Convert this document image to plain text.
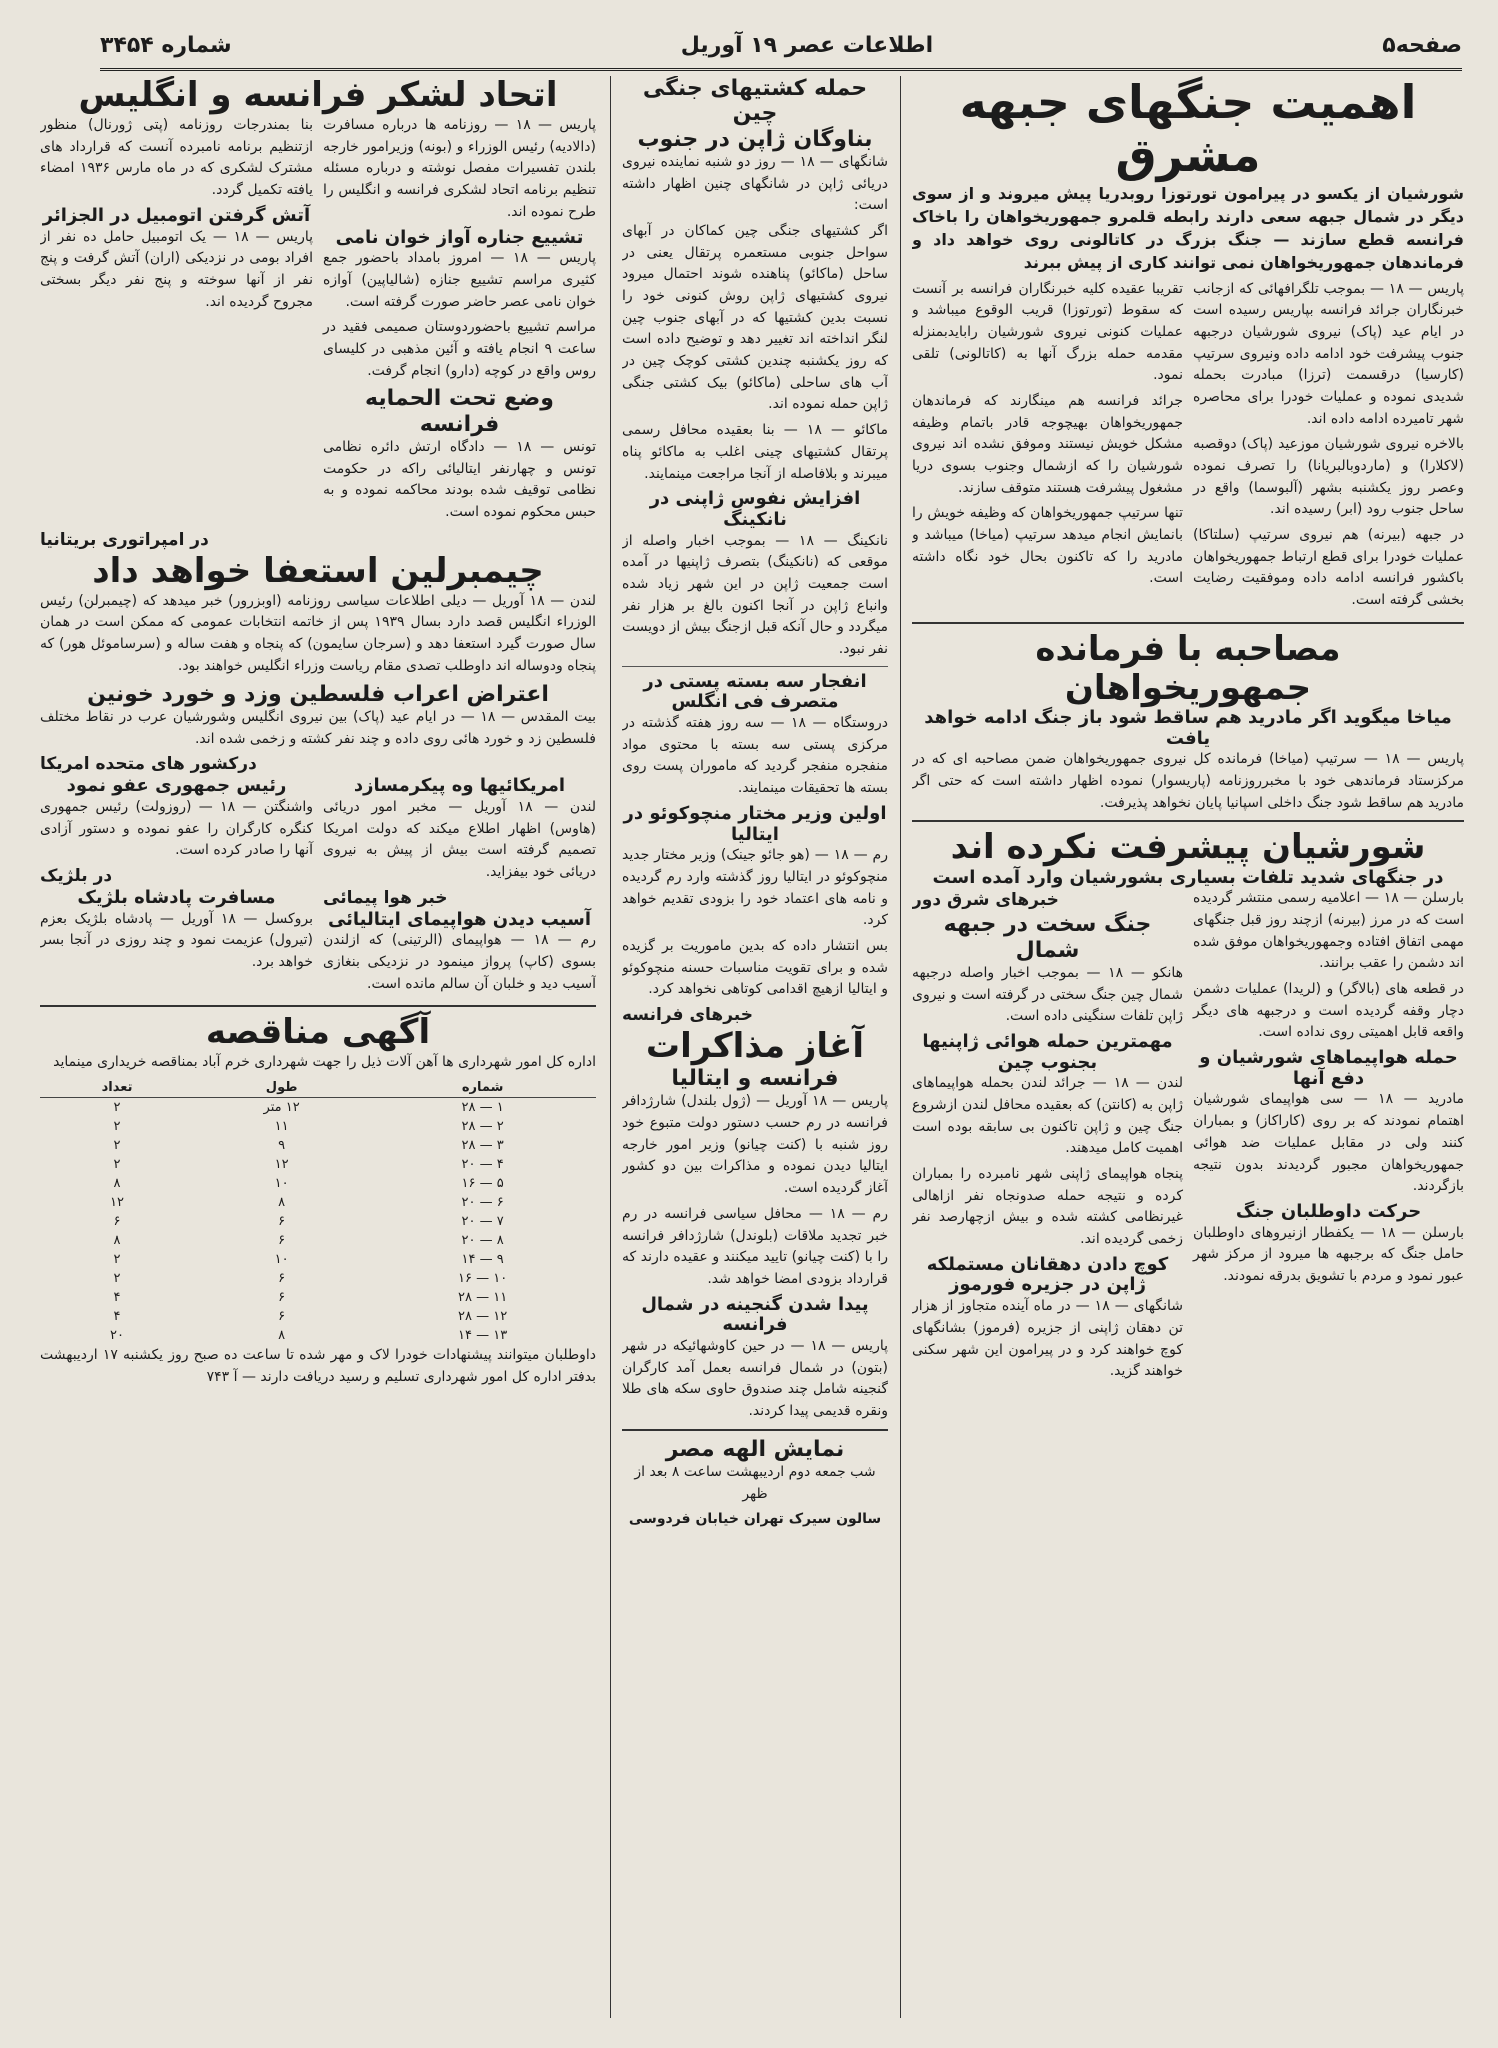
صفحه۵
اطلاعات عصر ۱۹ آوریل
شماره ۳۴۵۴
اهمیت جنگهای جبهه مشرق

شورشیان از یکسو در پیرامون تورتوزا روبدریا پیش میروند و از سوی دیگر در شمال جبهه سعی دارند رابطه قلمرو جمهوریخواهان را باخاک فرانسه قطع سازند — جنگ بزرگ در کاتالونی روی خواهد داد و فرماندهان جمهوریخواهان نمی توانند کاری از پیش ببرند

پاریس — ۱۸ — بموجب تلگرافهائی که ازجانب خبرنگاران جرائد فرانسه بپاریس رسیده است در ایام عید (پاک) نیروی شورشیان درجبهه جنوب پیشرفت خود ادامه داده ونیروی سرتیپ (کارسیا) درقسمت (ترزا) مبادرت بحمله شدیدی نموده و عملیات خودرا برای محاصره شهر تامیرده ادامه داده اند.

بالاخره نیروی شورشیان موزعید (پاک) دوقصبه (لاکلارا) و (ماردوبالبریانا) را تصرف نموده وعصر روز یکشنبه بشهر (آلبوسما) واقع در ساحل جنوب رود (ابر) رسیده اند.

در جبهه (بیرنه) هم نیروی سرتیپ (سلتاکا) عملیات خودرا برای قطع ارتباط جمهوریخواهان باکشور فرانسه ادامه داده وموفقیت رضایت بخشی گرفته است.

تقریبا عقیده کلیه خبرنگاران فرانسه بر آنست که سقوط (تورتوزا) قریب الوقوع میباشد و عملیات کنونی نیروی شورشیان رابایدبمنزله مقدمه حمله بزرگ آنها به (کاتالونی) تلقی نمود.

جرائد فرانسه هم مینگارند که فرماندهان جمهوریخواهان بهیچوجه قادر باتمام وظیفه مشکل خویش نیستند وموفق نشده اند نیروی شورشیان را که ازشمال وجنوب بسوی دریا مشغول پیشرفت هستند متوقف سازند.

تنها سرتیپ جمهوریخواهان که وظیفه خویش را بانمایش انجام میدهد سرتیپ (میاخا) میباشد و مادرید را که تاکنون بحال خود نگاه داشته است.

مصاحبه با فرمانده جمهوریخواهان
میاخا میگوید اگر مادرید هم ساقط شود باز جنگ ادامه خواهد یافت

پاریس — ۱۸ — سرتیپ (میاخا) فرمانده کل نیروی جمهوریخواهان ضمن مصاحبه ای که در مرکزستاد فرماندهی خود با مخبرروزنامه (پاریسوار) نموده اظهار داشته است که حتی اگر مادرید هم ساقط شود جنگ داخلی اسپانیا پایان نخواهد پذیرفت.

شورشیان پیشرفت نکرده اند
در جنگهای شدید تلفات بسیاری بشورشیان وارد آمده است

بارسلن — ۱۸ — اعلامیه رسمی منتشر گردیده است که در مرز (بیرنه) ازچند روز قبل جنگهای مهمی اتفاق افتاده وجمهوریخواهان موفق شده اند دشمن را عقب برانند.

در قطعه های (بالاگر) و (لریدا) عملیات دشمن دچار وقفه گردیده است و درجبهه های دیگر واقعه قابل اهمیتی روی نداده است.

حمله هواپیماهای شورشیان و دفع آنها

مادرید — ۱۸ — سی هواپیمای شورشیان اهتمام نمودند که بر روی (کاراکاز) و بمباران کنند ولی در مقابل عملیات ضد هوائی جمهوریخواهان مجبور گردیدند بدون نتیجه بازگردند.

حرکت داوطلبان جنگ

بارسلن — ۱۸ — یکفطار ازنیروهای داوطلبان حامل جنگ که برجبهه ها میرود از مرکز شهر عبور نمود و مردم با تشویق بدرقه نمودند.

خبرهای شرق دور
جنگ سخت در جبهه شمال

هانکو — ۱۸ — بموجب اخبار واصله درجبهه شمال چین جنگ سختی در گرفته است و نیروی ژاپن تلفات سنگینی داده است.

مهمترین حمله هوائی ژاپنیها بجنوب چین

لندن — ۱۸ — جرائد لندن بحمله هواپیماهای ژاپن به (کانتن) که بعقیده محافل لندن ازشروع جنگ چین و ژاپن تاکنون بی سابقه بوده است اهمیت کامل میدهند.

پنجاه هواپیمای ژاپنی شهر نامبرده را بمباران کرده و نتیجه حمله صدونجاه نفر ازاهالی غیرنظامی کشته شده و بیش ازچهارصد نفر زخمی گردیده اند.

کوچ دادن دهقانان مستملکه ژاپن در جزیره فورموز

شانگهای — ۱۸ — در ماه آینده متجاوز از هزار تن دهقان ژاپنی از جزیره (فرموز) بشانگهای کوچ خواهند کرد و در پیرامون این شهر سکنی خواهند گزید.

حمله کشتیهای جنگی چین
بناوگان ژاپن در جنوب

شانگهای — ۱۸ — روز دو شنبه نماینده نیروی دریائی ژاپن در شانگهای چنین اظهار داشته است:

اگر کشتیهای جنگی چین کماکان در آبهای سواحل جنوبی مستعمره پرتقال یعنی در ساحل (ماکائو) پناهنده شوند احتمال میرود نیروی کشتیهای ژاپن روش کنونی خود را نسبت بدین کشتیها که در آبهای جنوب چین لنگر انداخته اند تغییر دهد و توضیح داده است که روز یکشنبه چندین کشتی کوچک چین در آب های ساحلی (ماکائو) بیک کشتی جنگی ژاپن حمله نموده اند.

ماکائو — ۱۸ — بنا بعقیده محافل رسمی پرتقال کشتیهای چینی اغلب به ماکائو پناه میبرند و بلافاصله از آنجا مراجعت مینمایند.

افزایش نفوس ژاپنی در نانکینگ

نانکینگ — ۱۸ — بموجب اخبار واصله از موقعی که (نانکینگ) بتصرف ژاپنیها در آمده است جمعیت ژاپن در این شهر زیاد شده وانباع ژاپن در آنجا اکنون بالغ بر هزار نفر میگردد و حال آنکه قبل ازجنگ بیش از دویست نفر نبود.

انفجار سه بسته پستی در متصرف فی انگلس

دروستگاه — ۱۸ — سه روز هفته گذشته در مرکزی پستی سه بسته با محتوی مواد منفجره منفجر گردید که ماموران پست روی بسته ها تحقیقات مینمایند.

اولین وزیر مختار منچوکوئو در ایتالیا

رم — ۱۸ — (هو جائو جینک) وزیر مختار جدید منچوکوئو در ایتالیا روز گذشته وارد رم گردیده و نامه های اعتماد خود را بزودی تقدیم خواهد کرد.

بس انتشار داده که بدین ماموریت بر گزیده شده و برای تقویت مناسبات حسنه منچوکوئو و ایتالیا ازهیچ اقدامی کوتاهی نخواهد کرد.

خبرهای فرانسه
آغاز مذاکرات
فرانسه و ایتالیا

پاریس — ۱۸ آوریل — (ژول بلندل) شارژدافر فرانسه در رم حسب دستور دولت متبوع خود روز شنبه با (کنت چیانو) وزیر امور خارجه ایتالیا دیدن نموده و مذاکرات بین دو کشور آغاز گردیده است.

رم — ۱۸ — محافل سیاسی فرانسه در رم خبر تجدید ملاقات (بلوندل) شارژدافر فرانسه را با (کنت چیانو) تایید میکنند و عقیده دارند که قرارداد بزودی امضا خواهد شد.

پیدا شدن گنجینه در شمال فرانسه

پاریس — ۱۸ — در حین کاوشهائیکه در شهر (بتون) در شمال فرانسه بعمل آمد کارگران گنجینه شامل چند صندوق حاوی سکه های طلا ونقره قدیمی پیدا کردند.

نمایش الهه مصر

شب جمعه دوم اردیبهشت ساعت ۸ بعد از ظهر

سالون سیرک تهران خیابان فردوسی

اتحاد لشکر فرانسه و انگلیس

پاریس — ۱۸ — روزنامه ها درباره مسافرت (دالادیه) رئیس الوزراء و (بونه) وزیرامور خارجه بلندن تفسیرات مفصل نوشته و درباره مسئله تنظیم برنامه اتحاد لشکری فرانسه و انگلیس را طرح نموده اند.

تشییع جناره آواز خوان نامی

پاریس — ۱۸ — امروز بامداد باحضور جمع کثیری مراسم تشییع جنازه (شالیاپین) آوازه خوان نامی عصر حاضر صورت گرفته است.

مراسم تشییع باحضوردوستان صمیمی فقید در ساعت ۹ انجام یافته و آئین مذهبی در کلیسای روس واقع در کوچه (دارو) انجام گرفت.

وضع تحت الحمایه فرانسه

تونس — ۱۸ — دادگاه ارتش دائره نظامی تونس و چهارنفر ایتالیائی راکه در حکومت نظامی توقیف شده بودند محاکمه نموده و به حبس محکوم نموده است.

بنا بمندرجات روزنامه (پتی ژورنال) منظور ازتنظیم برنامه نامبرده آنست که قرارداد های مشترک لشکری که در ماه مارس ۱۹۳۶ امضاء یافته تکمیل گردد.

آتش گرفتن اتومبیل در الجزائر

پاریس — ۱۸ — یک اتومبیل حامل ده نفر از افراد بومی در نزدیکی (اران) آتش گرفت و پنج نفر از آنها سوخته و پنج نفر دیگر بسختی مجروح گردیده اند.

در امپراتوری بریتانیا
چیمبرلین استعفا خواهد داد

لندن — ۱۸ آوریل — دیلی اطلاعات سیاسی روزنامه (اوبزرور) خبر میدهد که (چیمبرلن) رئیس الوزراء انگلیس قصد دارد بسال ۱۹۳۹ پس از خاتمه انتخابات عمومی که ممکن است در همان سال صورت گیرد استعفا دهد و (سرجان سایمون) که پنجاه و هفت ساله و (سرساموئل هور) که پنجاه ودوساله اند داوطلب تصدی مقام ریاست وزراء انگلیس خواهند بود.

اعتراض اعراب فلسطین وزد و خورد خونین

بیت المقدس — ۱۸ — در ایام عید (پاک) بین نیروی انگلیس وشورشیان عرب در نقاط مختلف فلسطین زد و خورد هائی روی داده و چند نفر کشته و زخمی شده اند.

درکشور های متحده امریکا
امریکائیها وه پیکرمسازد

لندن — ۱۸ آوریل — مخبر امور دریائی (هاوس) اظهار اطلاع میکند که دولت امریکا تصمیم گرفته است بیش از پیش به نیروی دریائی خود بیفزاید.

خبر هوا پیمائی
آسیب دیدن هواپیمای ایتالیائی

رم — ۱۸ — هواپیمای (الرتینی) که ازلندن بسوی (کاپ) پرواز مینمود در نزدیکی بنغازی آسیب دید و خلبان آن سالم مانده است.

رئیس جمهوری عفو نمود

واشنگتن — ۱۸ — (روزولت) رئیس جمهوری کنگره کارگران را عفو نموده و دستور آزادی آنها را صادر کرده است.

در بلژیک
مسافرت پادشاه بلژیک

بروکسل — ۱۸ آوریل — پادشاه بلژیک بعزم (تیرول) عزیمت نمود و چند روزی در آنجا بسر خواهد برد.

آگهی مناقصه

اداره کل امور شهرداری ها آهن آلات ذیل را جهت شهرداری خرم آباد بمناقصه خریداری مینماید

شماره	طول	تعداد
۱ — ۲۸	۱۲ متر	۲
۲ — ۲۸	۱۱	۲
۳ — ۲۸	۹	۲
۴ — ۲۰	۱۲	۲
۵ — ۱۶	۱۰	۸
۶ — ۲۰	۸	۱۲
۷ — ۲۰	۶	۶
۸ — ۲۰	۶	۸
۹ — ۱۴	۱۰	۲
۱۰ — ۱۶	۶	۲
۱۱ — ۲۸	۶	۴
۱۲ — ۲۸	۶	۴
۱۳ — ۱۴	۸	۲۰

داوطلبان میتوانند پیشنهادات خودرا لاک و مهر شده تا ساعت ده صبح روز یکشنبه ۱۷ اردیبهشت بدفتر اداره کل امور شهرداری تسلیم و رسید دریافت دارند — آ ۷۴۳
